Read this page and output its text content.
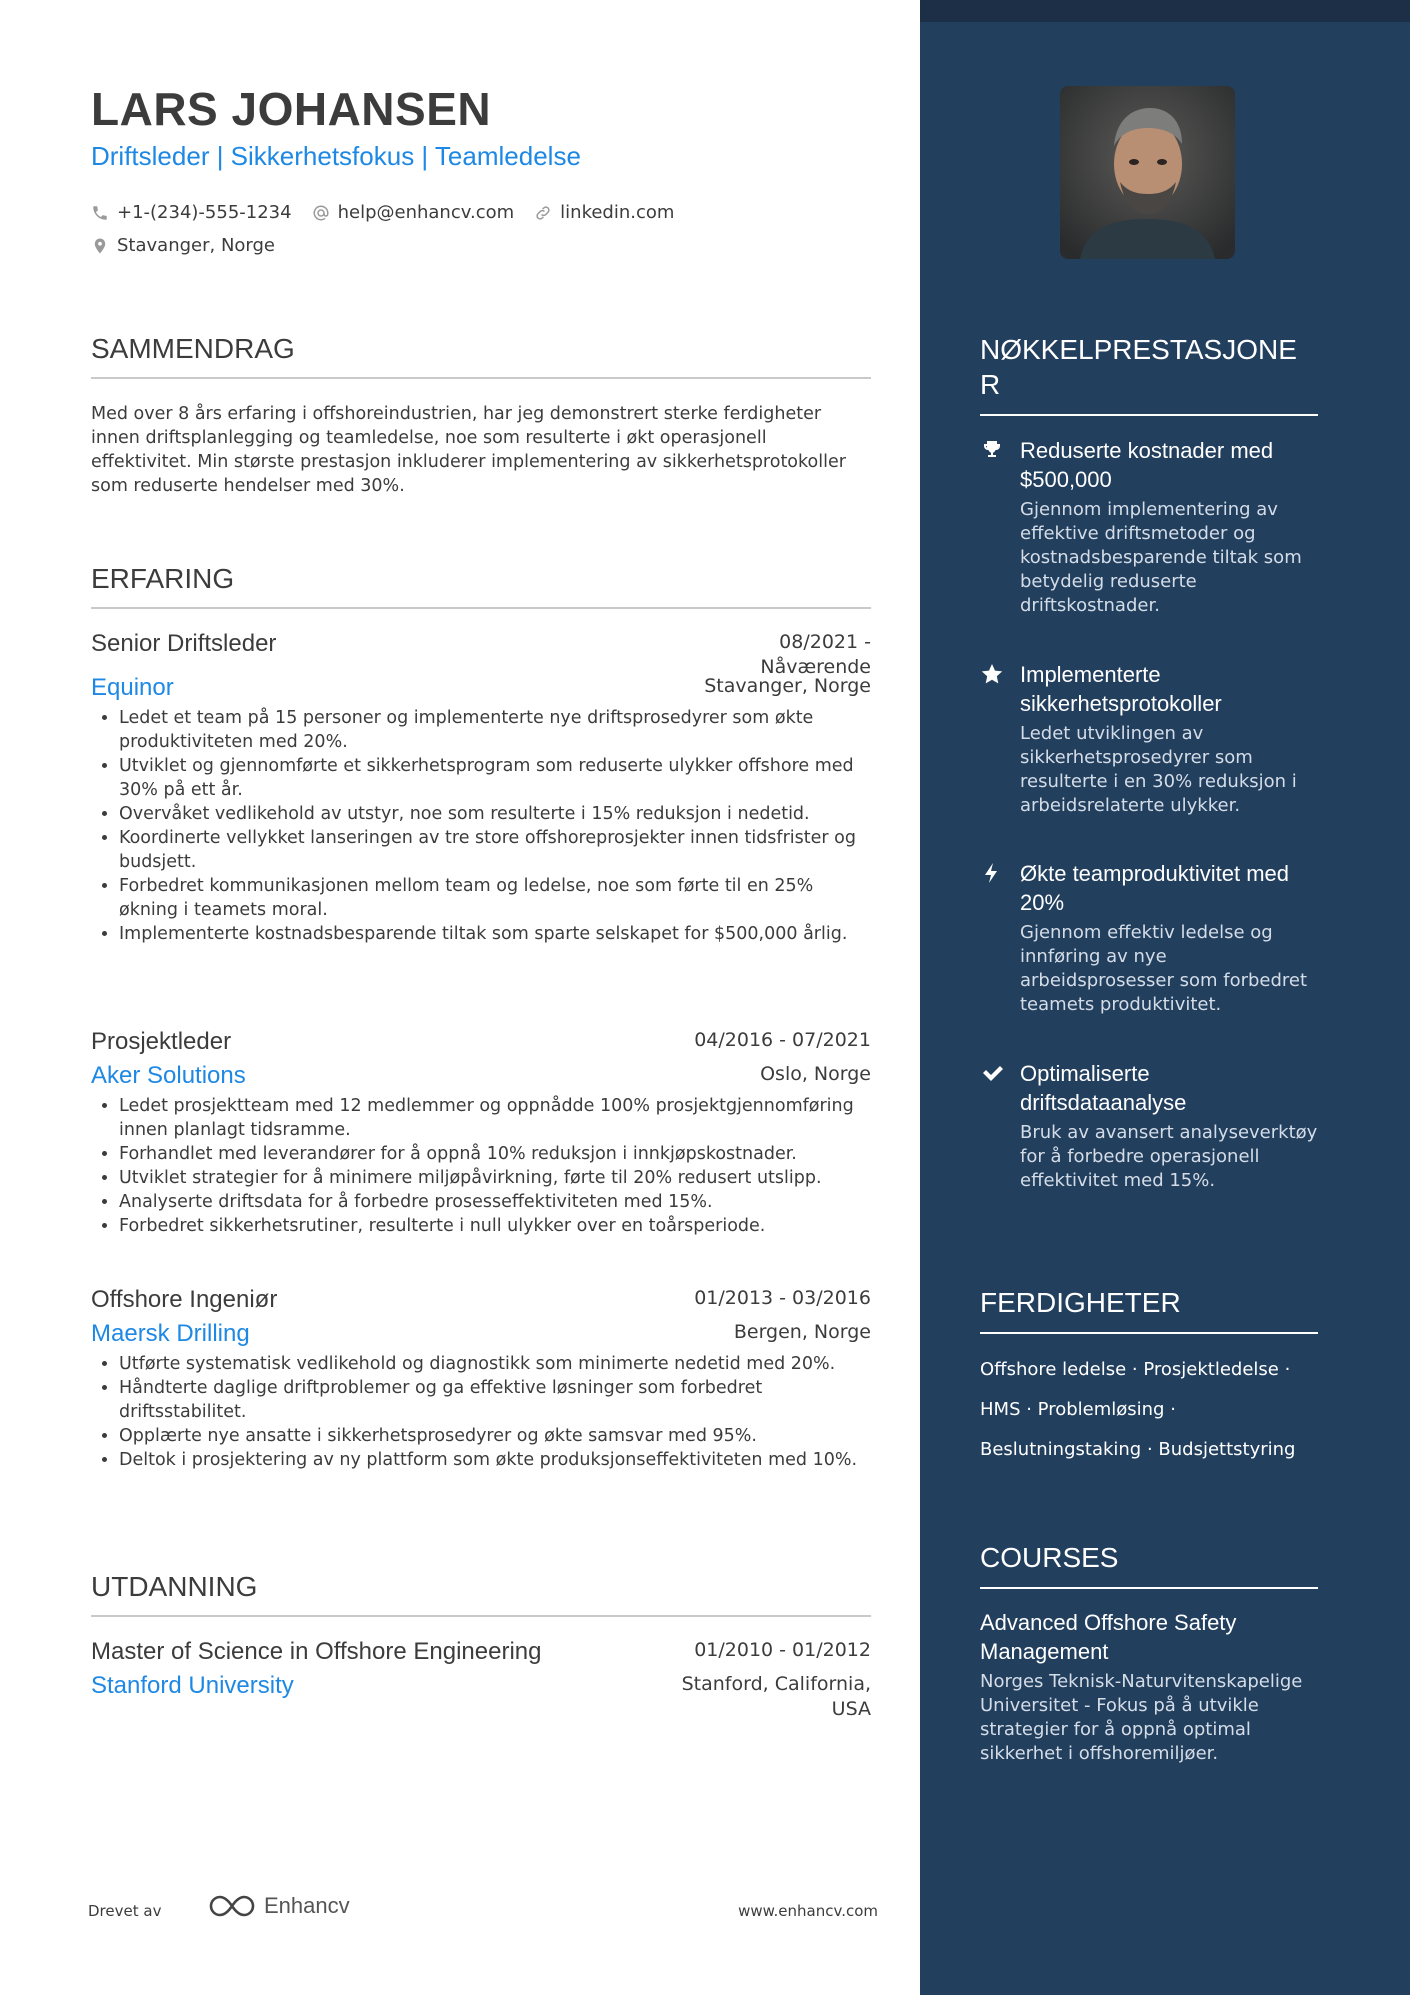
LARS JOHANSEN
Driftsleder | Sikkerhetsfokus | Teamledelse
+1-(234)-555-1234	help@enhancv.com	linkedin.com
Stavanger, Norge
SAMMENDRAG

Med over 8 års erfaring i offshoreindustrien, har jeg demonstrert sterke ferdigheter innen driftsplanlegging og teamledelse, noe som resulterte i økt operasjonell effektivitet. Min største prestasjon inkluderer implementering av sikkerhetsprotokoller som reduserte hendelser med 30%.

ERFARING
Senior Driftsleder	08/2021 -
Nåværende
Equinor	Stavanger, Norge
• Ledet et team på 15 personer og implementerte nye driftsprosedyrer som økte produktiviteten med 20%.
• Utviklet og gjennomførte et sikkerhetsprogram som reduserte ulykker offshore med 30% på ett år.
• Overvåket vedlikehold av utstyr, noe som resulterte i 15% reduksjon i nedetid.
• Koordinerte vellykket lanseringen av tre store offshoreprosjekter innen tidsfrister og budsjett.
• Forbedret kommunikasjonen mellom team og ledelse, noe som førte til en 25% økning i teamets moral.
• Implementerte kostnadsbesparende tiltak som sparte selskapet for $500,000 årlig.
Prosjektleder	04/2016 - 07/2021
Aker Solutions	Oslo, Norge
• Ledet prosjektteam med 12 medlemmer og oppnådde 100% prosjektgjennomføring innen planlagt tidsramme.
• Forhandlet med leverandører for å oppnå 10% reduksjon i innkjøpskostnader.
• Utviklet strategier for å minimere miljøpåvirkning, førte til 20% redusert utslipp.
• Analyserte driftsdata for å forbedre prosesseffektiviteten med 15%.
• Forbedret sikkerhetsrutiner, resulterte i null ulykker over en toårsperiode.
Offshore Ingeniør	01/2013 - 03/2016
Maersk Drilling	Bergen, Norge
• Utførte systematisk vedlikehold og diagnostikk som minimerte nedetid med 20%.
• Håndterte daglige driftproblemer og ga effektive løsninger som forbedret driftsstabilitet.
• Opplærte nye ansatte i sikkerhetsprosedyrer og økte samsvar med 95%.
• Deltok i prosjektering av ny plattform som økte produksjonseffektiviteten med 10%.
UTDANNING
Master of Science in Offshore Engineering	01/2010 - 01/2012
Stanford University	Stanford, California,
USA
Drevet av	Enhancv	www.enhancv.com
NØKKELPRESTASJONE
R
Reduserte kostnader med $500,000
Gjennom implementering av effektive driftsmetoder og kostnadsbesparende tiltak som betydelig reduserte driftskostnader.
Implementerte sikkerhetsprotokoller
Ledet utviklingen av sikkerhetsprosedyrer som resulterte i en 30% reduksjon i arbeidsrelaterte ulykker.
Økte teamproduktivitet med 20%
Gjennom effektiv ledelse og innføring av nye arbeidsprosesser som forbedret teamets produktivitet.
Optimaliserte driftsdataanalyse
Bruk av avansert analyseverktøy for å forbedre operasjonell effektivitet med 15%.
FERDIGHETER

Offshore ledelse · Prosjektledelse ·
HMS · Problemløsing ·
Beslutningstaking · Budsjettstyring

COURSES
Advanced Offshore Safety Management
Norges Teknisk-Naturvitenskapelige Universitet - Fokus på å utvikle strategier for å oppnå optimal sikkerhet i offshoremiljøer.
